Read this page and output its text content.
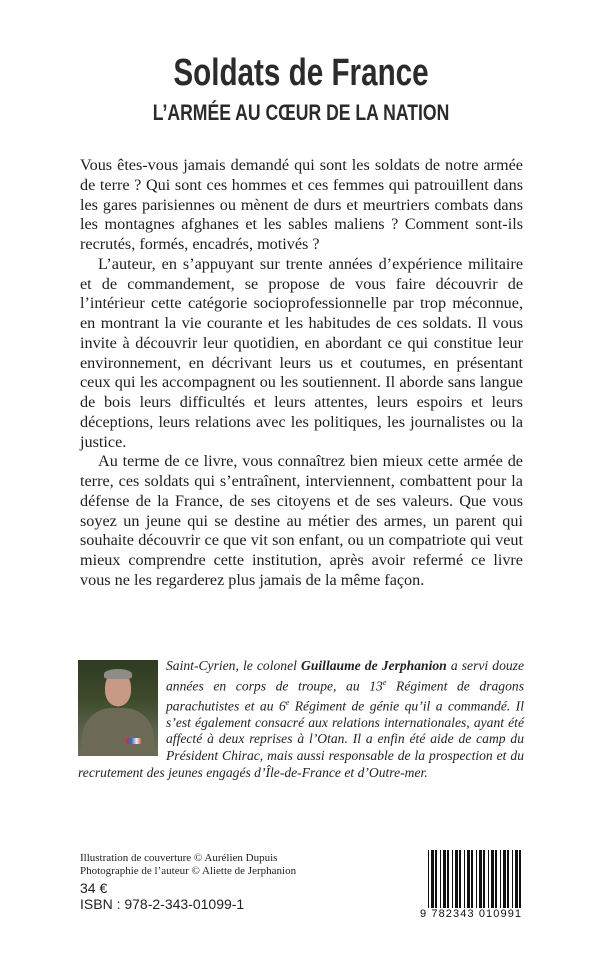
Soldats de France
L’ARMÉE AU CŒUR DE LA NATION

Vous êtes-vous jamais demandé qui sont les soldats de notre armée de terre ? Qui sont ces hommes et ces femmes qui patrouillent dans les gares parisiennes ou mènent de durs et meurtriers combats dans les montagnes afghanes et les sables maliens ? Comment sont-ils recrutés, formés, encadrés, motivés ?

L’auteur, en s’appuyant sur trente années d’expérience militaire et de commandement, se propose de vous faire découvrir de l’intérieur cette catégorie socioprofessionnelle par trop méconnue, en montrant la vie courante et les habitudes de ces soldats. Il vous invite à découvrir leur quotidien, en abordant ce qui constitue leur environnement, en décrivant leurs us et coutumes, en présentant ceux qui les accompagnent ou les soutiennent. Il aborde sans langue de bois leurs difficultés et leurs attentes, leurs espoirs et leurs déceptions, leurs relations avec les politiques, les journalistes ou la justice.

Au terme de ce livre, vous connaîtrez bien mieux cette armée de terre, ces soldats qui s’entraînent, interviennent, combattent pour la défense de la France, de ses citoyens et de ses valeurs. Que vous soyez un jeune qui se destine au métier des armes, un parent qui souhaite découvrir ce que vit son enfant, ou un compatriote qui veut mieux comprendre cette institution, après avoir refermé ce livre vous ne les regarderez plus jamais de la même façon.

Saint-Cyrien, le colonel Guillaume de Jerphanion a servi douze années en corps de troupe, au 13e Régiment de dragons parachutistes et au 6e Régiment de génie qu’il a commandé. Il s’est également consacré aux relations internationales, ayant été affecté à deux reprises à l’Otan. Il a enfin été aide de camp du Président Chirac, mais aussi responsable de la prospection et du recrutement des jeunes engagés d’Île-de-France et d’Outre-mer.
Illustration de couverture © Aurélien Dupuis
Photographie de l’auteur © Aliette de Jerphanion
34 €
ISBN : 978-2-343-01099-1
9 782343 010991
